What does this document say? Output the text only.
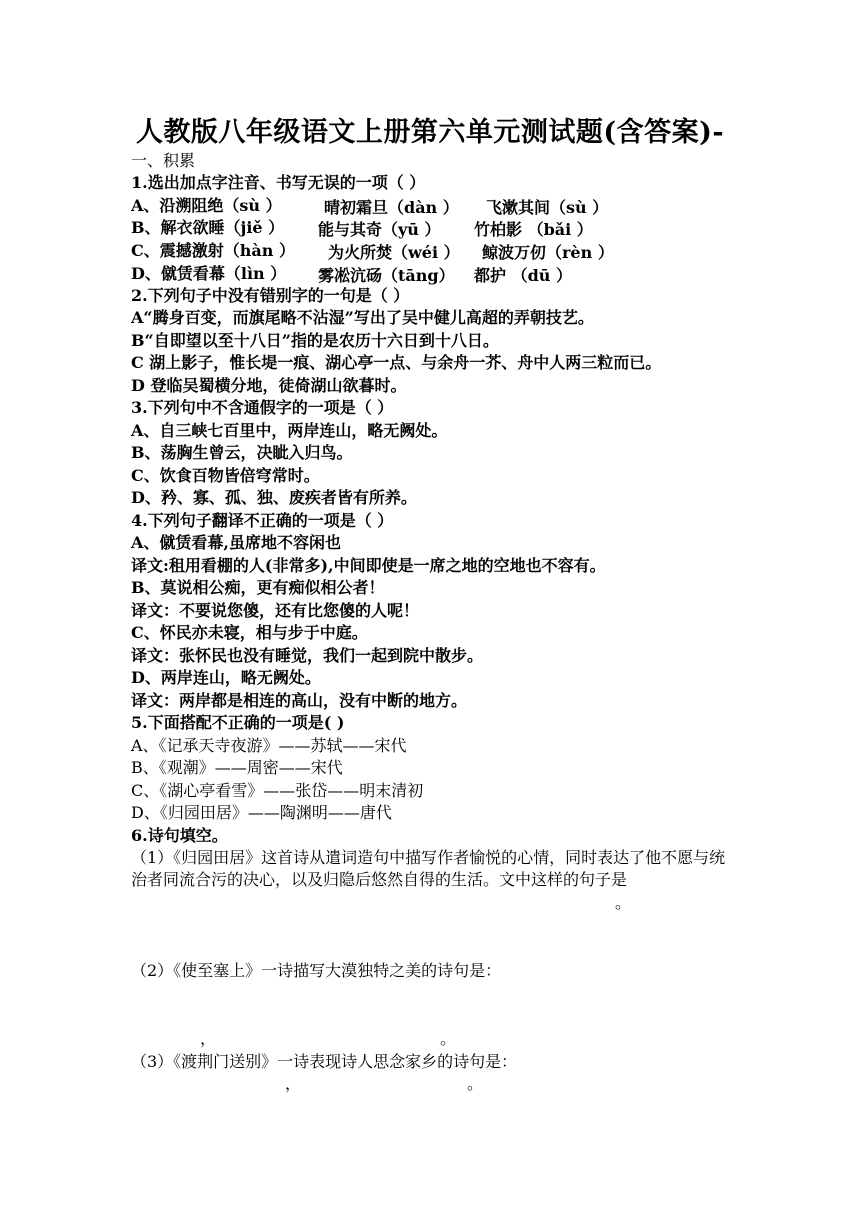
人教版八年级语文上册第六单元测试题(含答案)-
一、积累
1.选出加点字注音、书写无误的一项（ ）
A、沿溯阻绝（sù ）	晴初霜旦（dàn ） 飞漱其间（sù ）
B、解衣欲睡（jiě ） 能与其奇（yū ） 竹柏影 （bǎi ）
C、震撼激射（hàn ） 为火所焚（wéi ） 鲸波万仞（rèn ）
D、僦赁看幕（lìn ） 雾凇沆砀（tāng） 都护 （dū ）
2.下列句子中没有错别字的一句是（ ）
A“腾身百变，而旗尾略不沾湿”写出了吴中健儿高超的弄朝技艺。
B“自即望以至十八日”指的是农历十六日到十八日。
C 湖上影子，惟长堤一痕、湖心亭一点、与余舟一芥、舟中人两三粒而已。
D 登临吴蜀横分地，徒倚湖山欲暮时。
3.下列句中不含通假字的一项是（ ）
A、自三峡七百里中，两岸连山，略无阙处。
B、荡胸生曾云，决眦入归鸟。
C、饮食百物皆倍穹常时。
D、矜、寡、孤、独、废疾者皆有所养。
4.下列句子翻译不正确的一项是（ ）
A、僦赁看幕,虽席地不容闲也
译文:租用看棚的人(非常多),中间即使是一席之地的空地也不容有。
B、莫说相公痴，更有痴似相公者！
译文：不要说您傻，还有比您傻的人呢！
C、怀民亦未寝，相与步于中庭。
译文：张怀民也没有睡觉，我们一起到院中散步。
D、两岸连山，略无阙处。
译文：两岸都是相连的高山，没有中断的地方。
5.下面搭配不正确的一项是( )
A、《记承天寺夜游》——苏轼——宋代
B、《观潮》——周密——宋代
C、《湖心亭看雪》——张岱——明末清初
D、《归园田居》——陶渊明——唐代
6.诗句填空。
（1）《归园田居》这首诗从遣词造句中描写作者愉悦的心情，同时表达了他不愿与统治者同流合污的决心，以及归隐后悠然自得的生活。文中这样的句子是
。
（2）《使至塞上》一诗描写大漠独特之美的诗句是：
，	。
（3）《渡荆门送别》一诗表现诗人思念家乡的诗句是：
，	。
